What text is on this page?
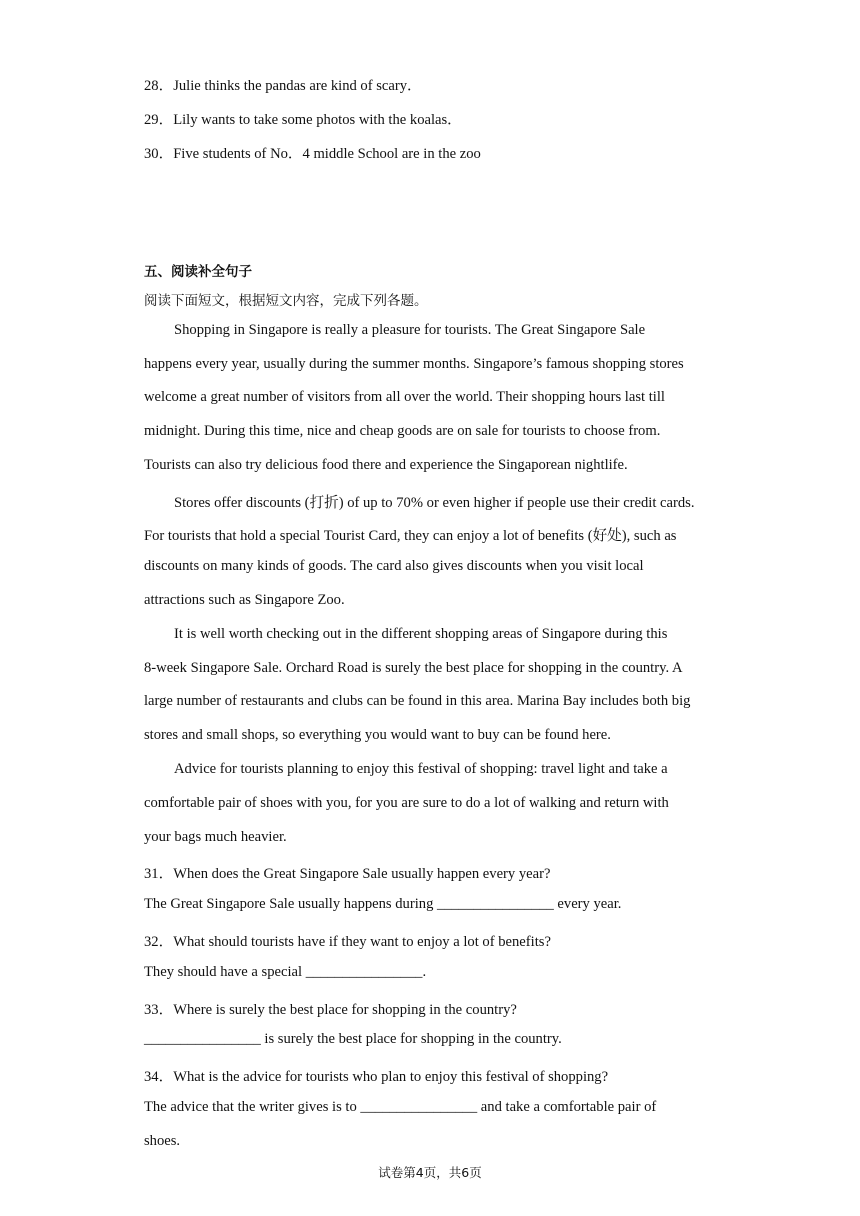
28．Julie thinks the pandas are kind of scary．
29．Lily wants to take some photos with the koalas．
30．Five students of No．4 middle School are in the zoo
五、阅读补全句子
阅读下面短文，根据短文内容，完成下列各题。
Shopping in Singapore is really a pleasure for tourists. The Great Singapore Sale
happens every year, usually during the summer months. Singapore’s famous shopping stores
welcome a great number of visitors from all over the world. Their shopping hours last till
midnight. During this time, nice and cheap goods are on sale for tourists to choose from.
Tourists can also try delicious food there and experience the Singaporean nightlife.
Stores offer discounts (打折) of up to 70% or even higher if people use their credit cards.
For tourists that hold a special Tourist Card, they can enjoy a lot of benefits (好处), such as
discounts on many kinds of goods. The card also gives discounts when you visit local
attractions such as Singapore Zoo.
It is well worth checking out in the different shopping areas of Singapore during this
8-week Singapore Sale. Orchard Road is surely the best place for shopping in the country. A
large number of restaurants and clubs can be found in this area. Marina Bay includes both big
stores and small shops, so everything you would want to buy can be found here.
Advice for tourists planning to enjoy this festival of shopping: travel light and take a
comfortable pair of shoes with you, for you are sure to do a lot of walking and return with
your bags much heavier.
31．When does the Great Singapore Sale usually happen every year?
The Great Singapore Sale usually happens during ________________ every year.
32．What should tourists have if they want to enjoy a lot of benefits?
They should have a special ________________.
33．Where is surely the best place for shopping in the country?
________________ is surely the best place for shopping in the country.
34．What is the advice for tourists who plan to enjoy this festival of shopping?
The advice that the writer gives is to ________________ and take a comfortable pair of
shoes.
试卷第4页，共6页
